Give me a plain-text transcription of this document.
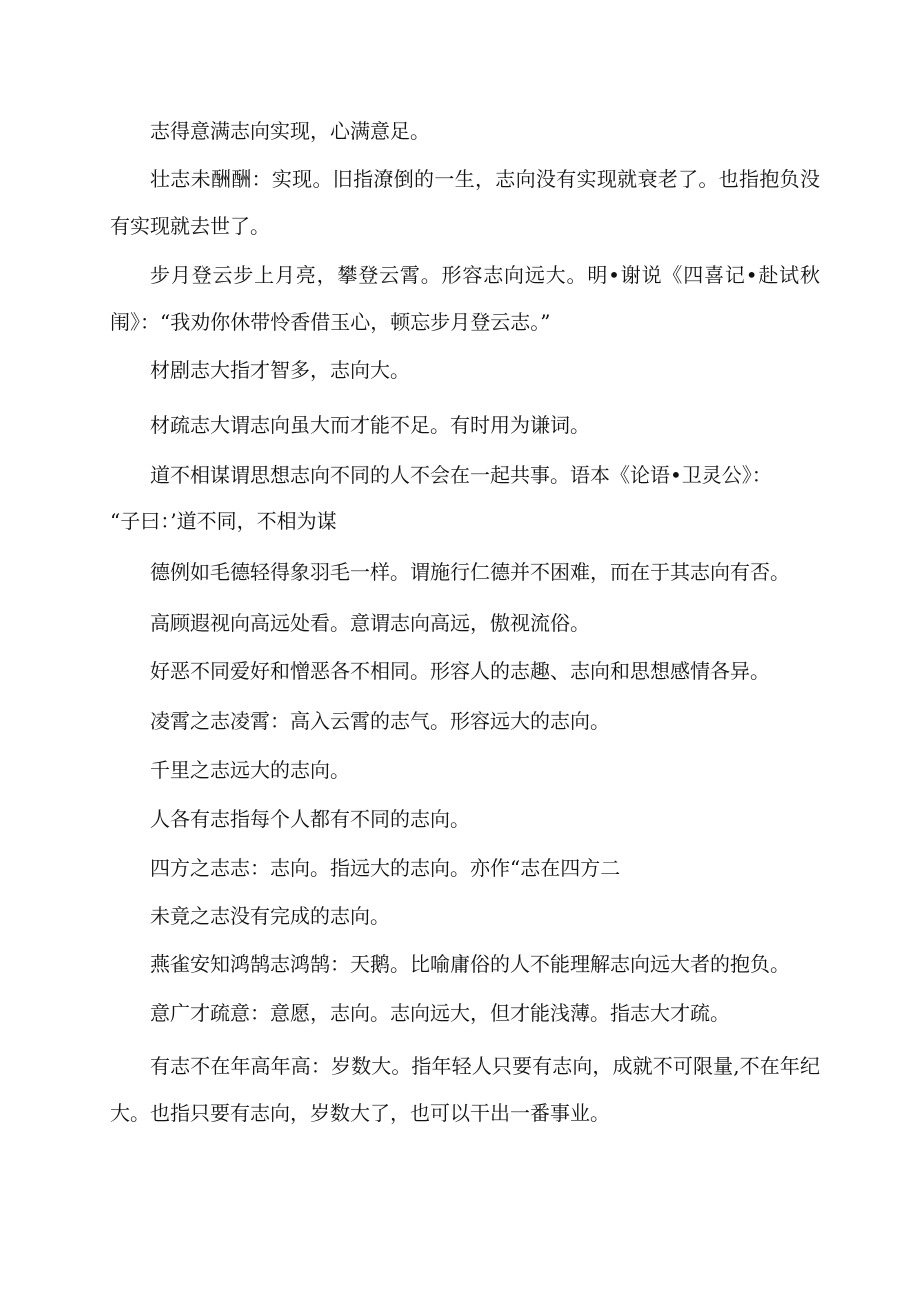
志得意满志向实现，心满意足。

壮志未酬酬：实现。旧指潦倒的一生，志向没有实现就衰老了。也指抱负没有实现就去世了。

步月登云步上月亮，攀登云霄。形容志向远大。明•谢说《四喜记•赴试秋闱》：“我劝你休带怜香借玉心，顿忘步月登云志。”

材剧志大指才智多，志向大。

材疏志大谓志向虽大而才能不足。有时用为谦词。

道不相谋谓思想志向不同的人不会在一起共事。语本《论语•卫灵公》：

“子曰：’道不同，不相为谋

德例如毛德轻得象羽毛一样。谓施行仁德并不困难，而在于其志向有否。

高顾遐视向高远处看。意谓志向高远，傲视流俗。

好恶不同爱好和憎恶各不相同。形容人的志趣、志向和思想感情各异。

凌霄之志凌霄：高入云霄的志气。形容远大的志向。

千里之志远大的志向。

人各有志指每个人都有不同的志向。

四方之志志：志向。指远大的志向。亦作“志在四方二

未竟之志没有完成的志向。

燕雀安知鸿鹄志鸿鹄：天鹅。比喻庸俗的人不能理解志向远大者的抱负。

意广才疏意：意愿，志向。志向远大，但才能浅薄。指志大才疏。

有志不在年高年高：岁数大。指年轻人只要有志向，成就不可限量,不在年纪大。也指只要有志向，岁数大了，也可以干出一番事业。
